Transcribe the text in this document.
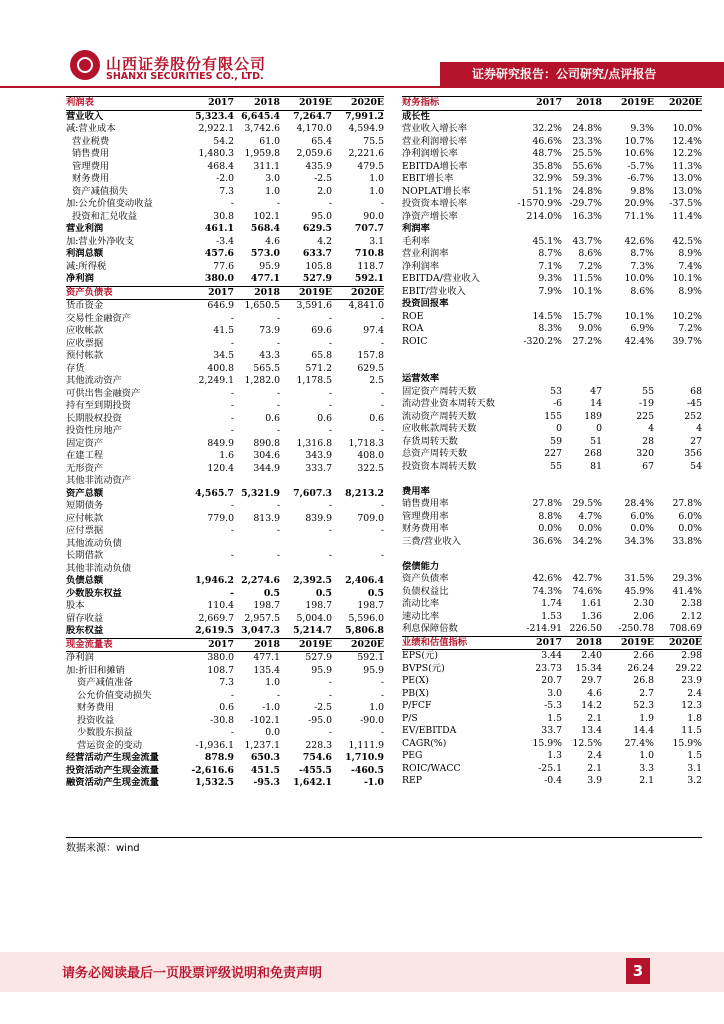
山西证券股份有限公司
SHANXI SECURITIES CO., LTD.	证券研究报告：公司研究/点评报告
利润表	2017	2018	2019E	2020E
营业收入	5,323.4	6,645.4	7,264.7	7,991.2
减:营业成本	2,922.1	3,742.6	4,170.0	4,594.9
营业税费	54.2	61.0	65.4	75.5
销售费用	1,480.3	1,959.8	2,059.6	2,221.6
管理费用	468.4	311.1	435.9	479.5
财务费用	-2.0	3.0	-2.5	1.0
资产减值损失	7.3	1.0	2.0	1.0
加:公允价值变动收益	-	-	-	-
投资和汇兑收益	30.8	102.1	95.0	90.0
营业利润	461.1	568.4	629.5	707.7
加:营业外净收支	-3.4	4.6	4.2	3.1
利润总额	457.6	573.0	633.7	710.8
减:所得税	77.6	95.9	105.8	118.7
净利润	380.0	477.1	527.9	592.1
资产负债表	2017	2018	2019E	2020E
货币资金	646.9	1,650.5	3,591.6	4,841.0
交易性金融资产	-	-	-	-
应收帐款	41.5	73.9	69.6	97.4
应收票据	-	-	-	-
预付帐款	34.5	43.3	65.8	157.8
存货	400.8	565.5	571.2	629.5
其他流动资产	2,249.1	1,282.0	1,178.5	2.5
可供出售金融资产	-	-	-	-
持有至到期投资	-	-	-	-
长期股权投资	-	0.6	0.6	0.6
投资性房地产	-	-	-	-
固定资产	849.9	890.8	1,316.8	1,718.3
在建工程	1.6	304.6	343.9	408.0
无形资产	120.4	344.9	333.7	322.5
其他非流动资产				
资产总额	4,565.7	5,321.9	7,607.3	8,213.2
短期债务	-	-	-	-
应付帐款	779.0	813.9	839.9	709.0
应付票据	-	-	-	-
其他流动负债				
长期借款	-	-	-	-
其他非流动负债				
负债总额	1,946.2	2,274.6	2,392.5	2,406.4
少数股东权益	-	0.5	0.5	0.5
股本	110.4	198.7	198.7	198.7
留存收益	2,669.7	2,957.5	5,004.0	5,596.0
股东权益	2,619.5	3,047.3	5,214.7	5,806.8
现金流量表	2017	2018	2019E	2020E
净利润	380.0	477.1	527.9	592.1
加:折旧和摊销	108.7	135.4	95.9	95.9
资产减值准备	7.3	1.0	-	-
公允价值变动损失	-	-	-	-
财务费用	0.6	-1.0	-2.5	1.0
投资收益	-30.8	-102.1	-95.0	-90.0
少数股东损益	-	0.0	-	-
营运资金的变动	-1,936.1	1,237.1	228.3	1,111.9
经营活动产生现金流量	878.9	650.3	754.6	1,710.9
投资活动产生现金流量	-2,616.6	451.5	-455.5	-460.5
融资活动产生现金流量	1,532.5	-95.3	1,642.1	-1.0
财务指标	2017	2018	2019E	2020E
成长性				
营业收入增长率	32.2%	24.8%	9.3%	10.0%
营业利润增长率	46.6%	23.3%	10.7%	12.4%
净利润增长率	48.7%	25.5%	10.6%	12.2%
EBITDA增长率	35.8%	55.6%	-5.7%	11.3%
EBIT增长率	32.9%	59.3%	-6.7%	13.0%
NOPLAT增长率	51.1%	24.8%	9.8%	13.0%
投资资本增长率	-1570.9%	-29.7%	20.9%	-37.5%
净资产增长率	214.0%	16.3%	71.1%	11.4%
利润率				
毛利率	45.1%	43.7%	42.6%	42.5%
营业利润率	8.7%	8.6%	8.7%	8.9%
净利润率	7.1%	7.2%	7.3%	7.4%
EBITDA/营业收入	9.3%	11.5%	10.0%	10.1%
EBIT/营业收入	7.9%	10.1%	8.6%	8.9%
投资回报率				
ROE	14.5%	15.7%	10.1%	10.2%
ROA	8.3%	9.0%	6.9%	7.2%
ROIC	-320.2%	27.2%	42.4%	39.7%

运营效率				
固定资产周转天数	53	47	55	68
流动营业资本周转天数	-6	14	-19	-45
流动资产周转天数	155	189	225	252
应收帐款周转天数	0	0	4	4
存货周转天数	59	51	28	27
总资产周转天数	227	268	320	356
投资资本周转天数	55	81	67	54

费用率				
销售费用率	27.8%	29.5%	28.4%	27.8%
管理费用率	8.8%	4.7%	6.0%	6.0%
财务费用率	0.0%	0.0%	0.0%	0.0%
三费/营业收入	36.6%	34.2%	34.3%	33.8%

偿债能力				
资产负债率	42.6%	42.7%	31.5%	29.3%
负债权益比	74.3%	74.6%	45.9%	41.4%
流动比率	1.74	1.61	2.30	2.38
速动比率	1.53	1.36	2.06	2.12
利息保障倍数	-214.91	226.50	-250.78	708.69
业绩和估值指标	2017	2018	2019E	2020E
EPS(元)	3.44	2.40	2.66	2.98
BVPS(元)	23.73	15.34	26.24	29.22
PE(X)	20.7	29.7	26.8	23.9
PB(X)	3.0	4.6	2.7	2.4
P/FCF	-5.3	14.2	52.3	12.3
P/S	1.5	2.1	1.9	1.8
EV/EBITDA	33.7	13.4	14.4	11.5
CAGR(%)	15.9%	12.5%	27.4%	15.9%
PEG	1.3	2.4	1.0	1.5
ROIC/WACC	-25.1	2.1	3.3	3.1
REP	-0.4	3.9	2.1	3.2
数据来源：wind
请务必阅读最后一页股票评级说明和免责声明	3
